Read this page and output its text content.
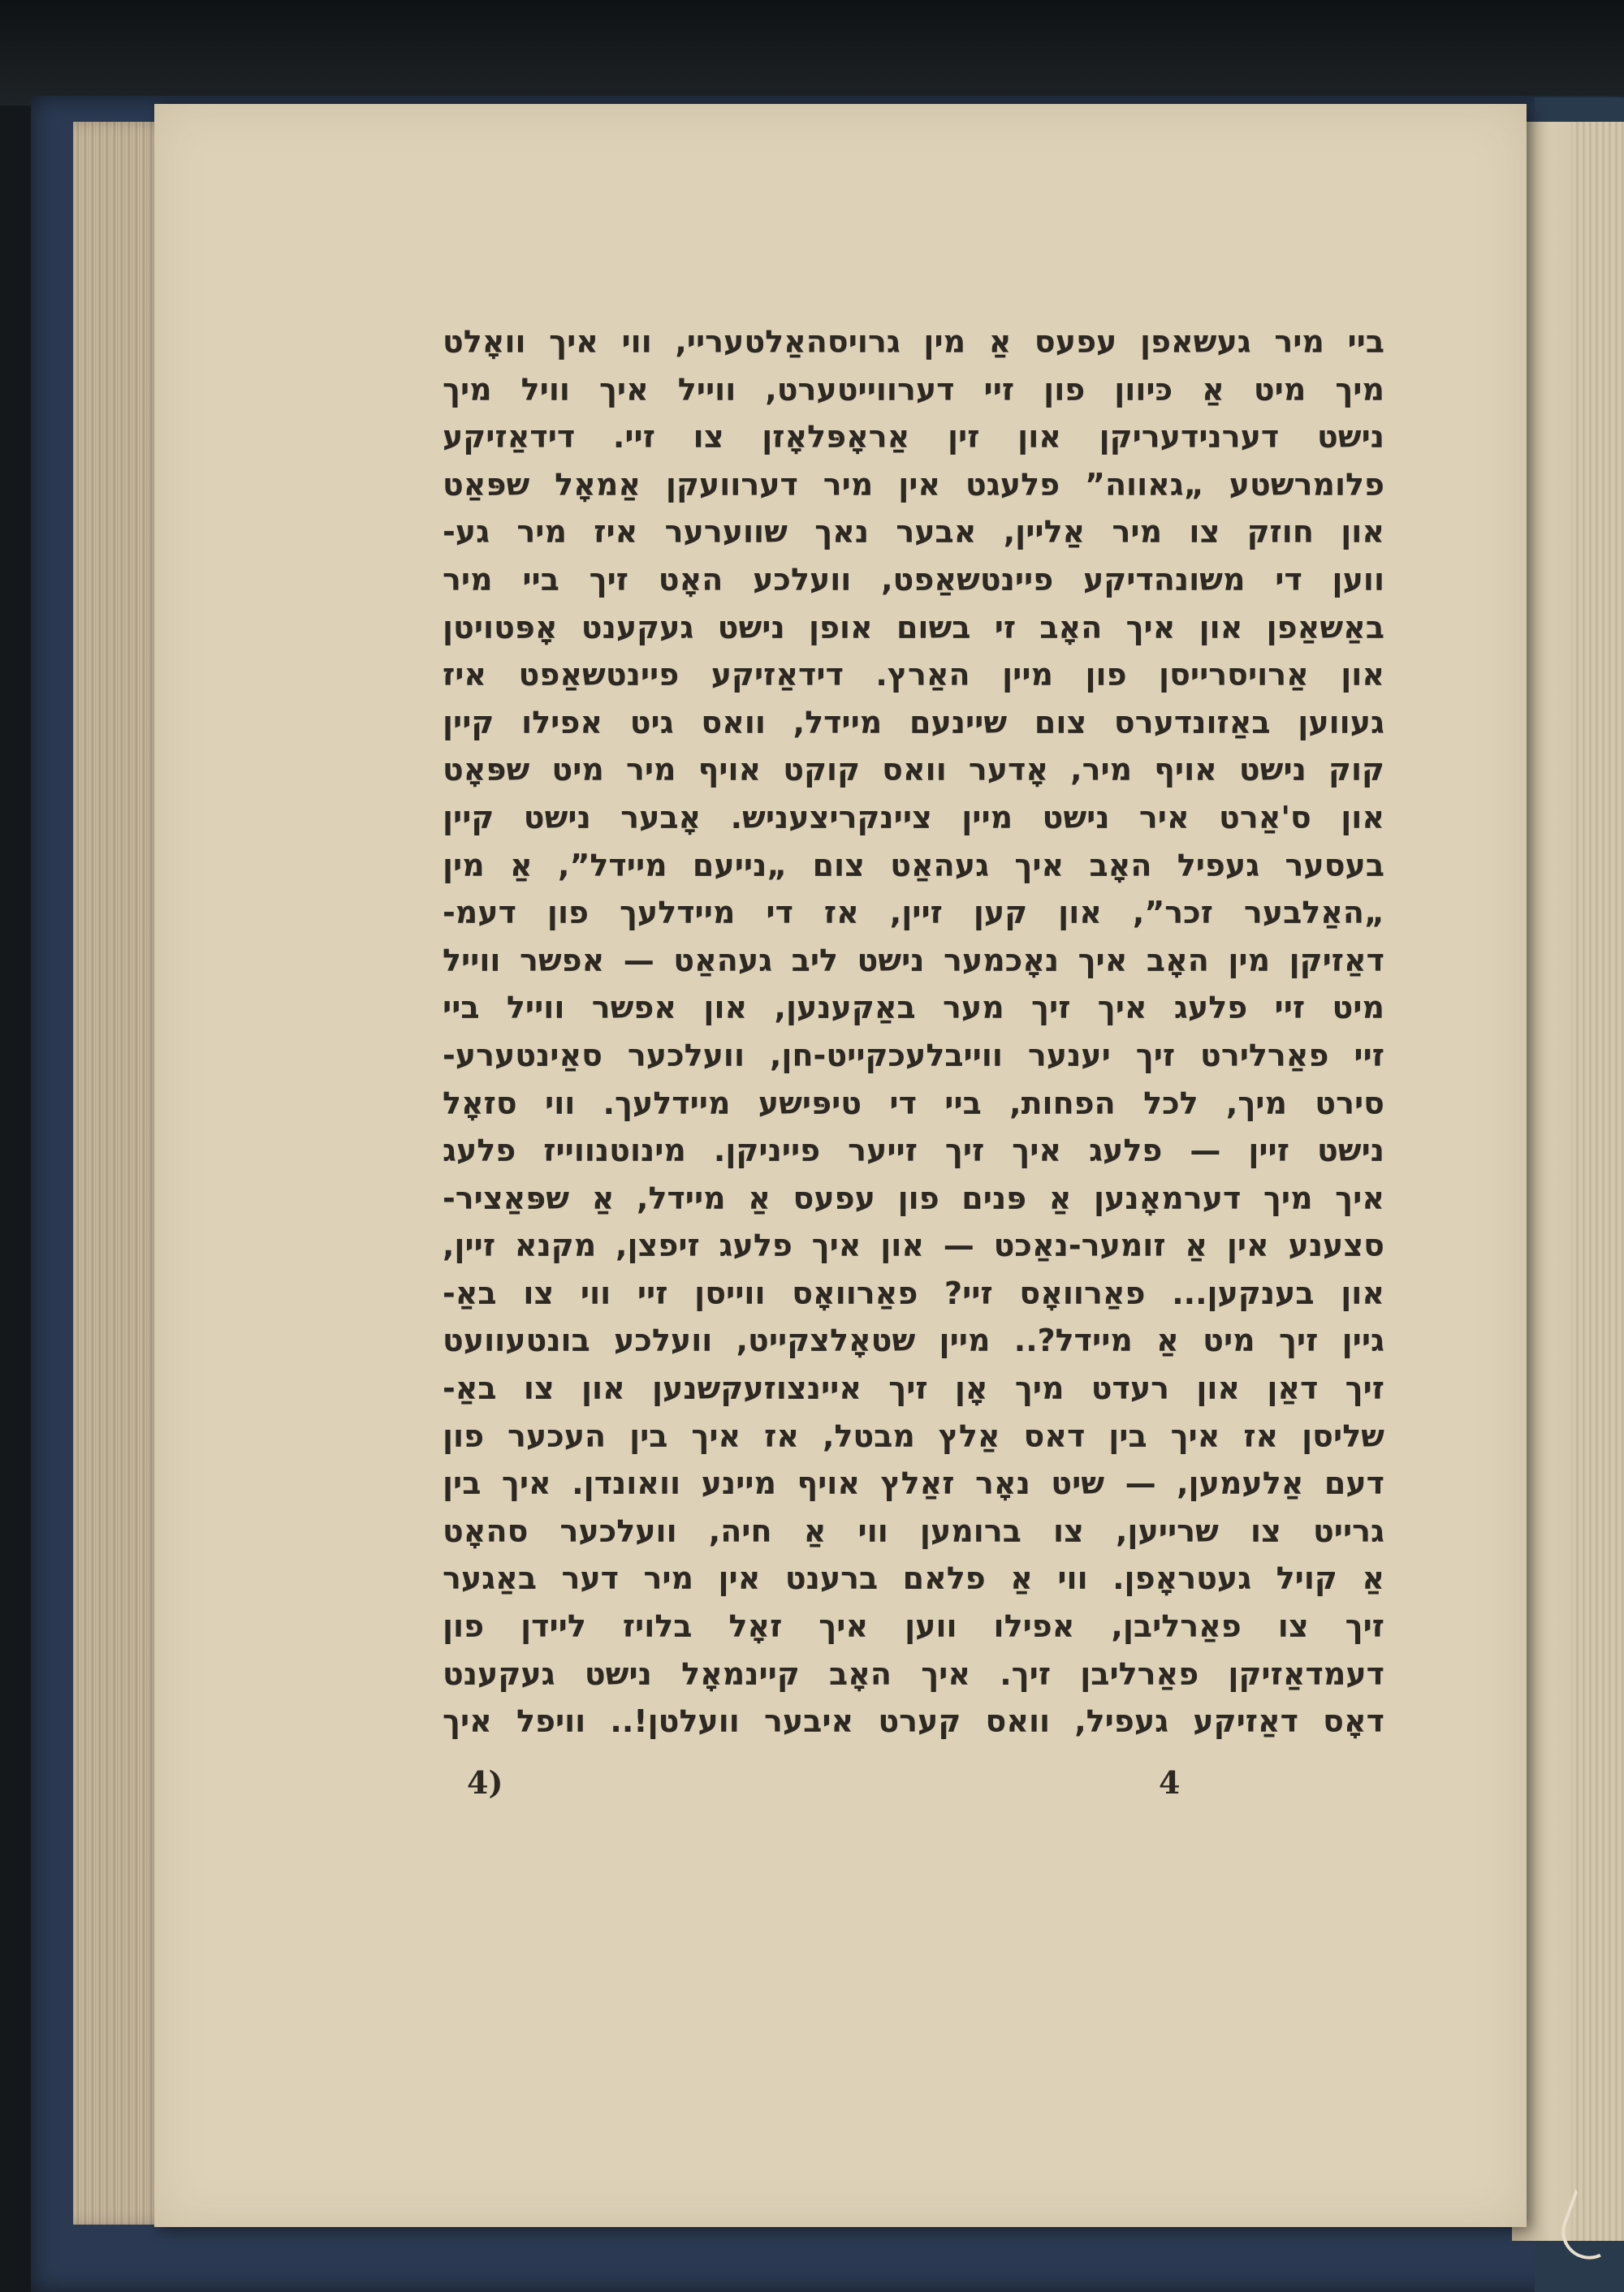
ביי מיר געשאפן עפעס אַ מין גרויסהאַלטעריי, ווי איך וואָלט
מיך מיט אַ כּיוון פון זיי דערווייטערט, ווייל איך וויל מיך
נישט דערנידעריקן און זין אַראָפּלאָזן צו זיי. דידאַזיקע
פלומרשטע „גאווה” פלעגט אין מיר דערוועקן אַמאָל שפּאַט
און חוזק צו מיר אַליין, אבער נאך שווערער איז מיר גע-
ווען די משונהדיקע פיינטשאַפט, וועלכע האָט זיך ביי מיר
באַשאַפן און איך האָב זי בשום אופן נישט געקענט אָפּטויטן
און אַרויסרייסן פון מיין האַרץ. דידאַזיקע פיינטשאַפט איז
געווען באַזונדערס צום שיינעם מיידל, וואס גיט אפילו קיין
קוק נישט אויף מיר, אָדער וואס קוקט אויף מיר מיט שפּאָט
און ס'אַרט איר נישט מיין ציינקריצעניש. אָבער נישט קיין
בעסער געפיל האָב איך געהאַט צום „נייעם מיידל”, אַ מין
„האַלבער זכר”, און קען זיין, אז די מיידלעך פון דעמ-
דאַזיקן מין האָב איך נאָכמער נישט ליב געהאַט — אפשר ווייל
מיט זיי פלעג איך זיך מער באַקענען, און אפשר ווייל ביי
זיי פאַרלירט זיך יענער ווייבלעכקייט-חן, וועלכער סאַינטערע-
סירט מיך, לכל הפחות, ביי די טיפּישע מיידלעך. ווי סזאָל
נישט זיין — פלעג איך זיך זייער פייניקן. מינוטנווייז פלעג
איך מיך דערמאָנען אַ פּנים פון עפעס אַ מיידל, אַ שפּאַציר-
סצענע אין אַ זומער-נאַכט — און איך פלעג זיפצן, מקנא זיין,
און בענקען... פאַרוואָס זיי? פאַרוואָס ווייסן זיי ווי צו באַ-
גיין זיך מיט אַ מיידל?.. מיין שטאָלצקייט, וועלכע בונטעוועט
זיך דאַן און רעדט מיך אָן זיך איינצוזעקשנען און צו באַ-
שליסן אז איך בין דאס אַלץ מבטל, אז איך בין העכער פון
דעם אַלעמען, — שיט נאָר זאַלץ אויף מיינע וואונדן. איך בין
גרייט צו שרייען, צו ברומען ווי אַ חיה, וועלכער סהאָט
אַ קויל געטראָפן. ווי אַ פלאם ברענט אין מיר דער באַגער
זיך צו פאַרליבן, אפילו ווען איך זאָל בלויז ליידן פון
דעמדאַזיקן פאַרליבן זיך. איך האָב קיינמאָל נישט געקענט
דאָס דאַזיקע געפיל, וואס קערט איבער וועלטן!.. וויפל איך
4)	4
